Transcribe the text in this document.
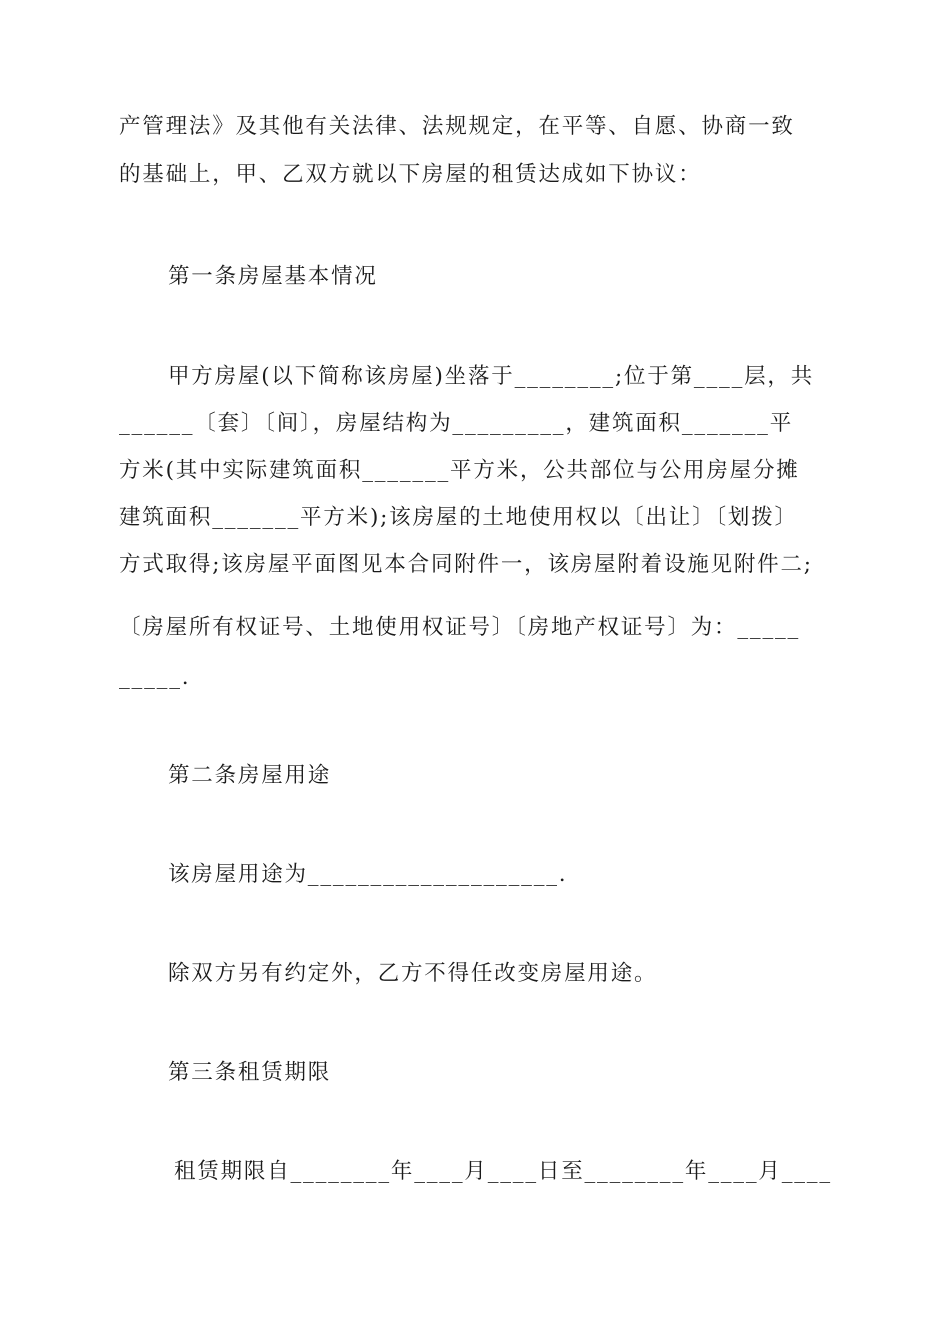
产管理法》及其他有关法律、法规规定，在平等、自愿、协商一致
的基础上，甲、乙双方就以下房屋的租赁达成如下协议：
第一条房屋基本情况
甲方房屋(以下简称该房屋)坐落于________;位于第____层，共
______〔套〕〔间〕，房屋结构为_________，建筑面积_______平
方米(其中实际建筑面积_______平方米，公共部位与公用房屋分摊
建筑面积_______平方米);该房屋的土地使用权以〔出让〕〔划拨〕
方式取得;该房屋平面图见本合同附件一，该房屋附着设施见附件二;
〔房屋所有权证号、土地使用权证号〕〔房地产权证号〕为：_____
_____.
第二条房屋用途
该房屋用途为____________________.
除双方另有约定外，乙方不得任改变房屋用途。
第三条租赁期限
租赁期限自________年____月____日至________年____月____
